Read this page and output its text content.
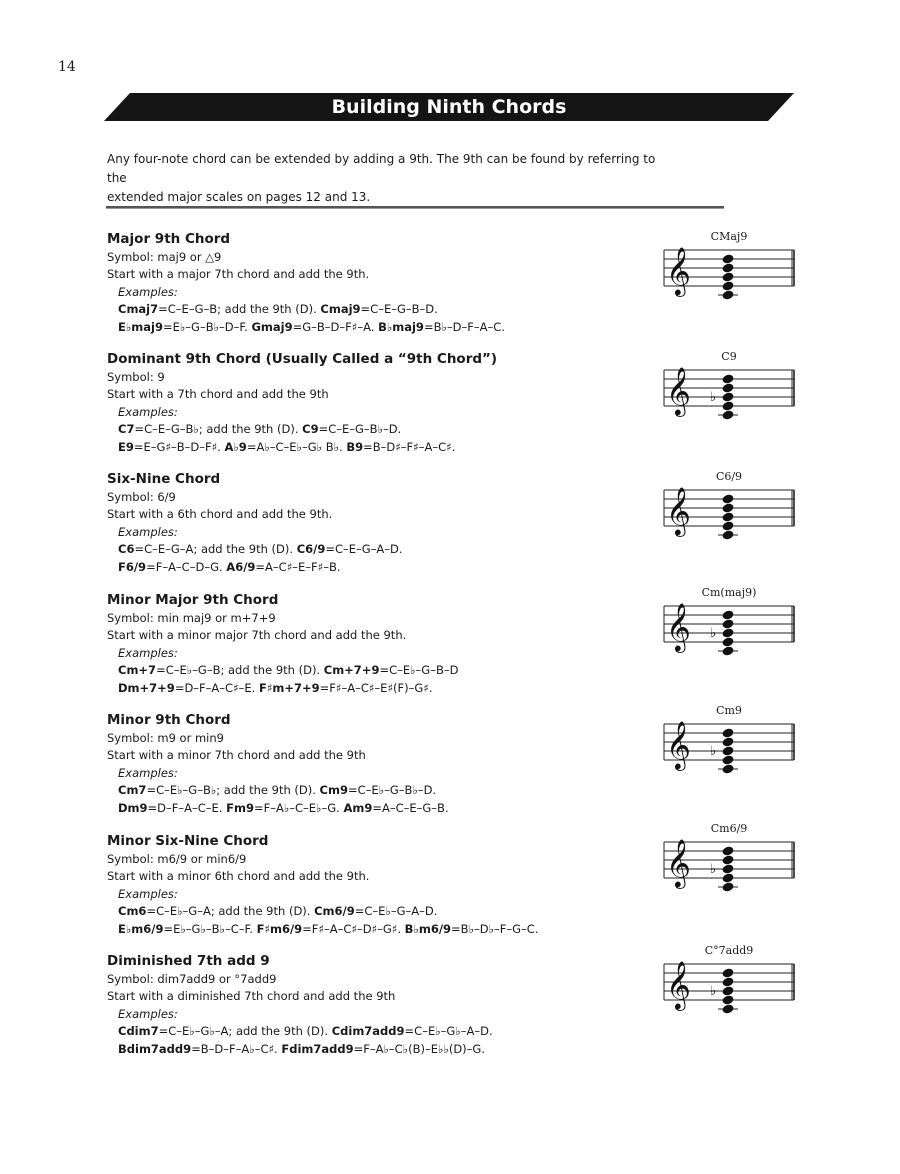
14
Building Ninth Chords
Any four-note chord can be extended by adding a 9th. The 9th can be found by referring to the
extended major scales on pages 12 and 13.
Major 9th Chord
Symbol: maj9 or △9
Start with a major 7th chord and add the 9th.
Examples:
Cmaj7=C–E–G–B; add the 9th (D). Cmaj9=C–E–G–B–D.
E♭maj9=E♭–G–B♭–D–F. Gmaj9=G–B–D–F♯–A. B♭maj9=B♭–D–F–A–C.
CMaj9
𝄞
Dominant 9th Chord (Usually Called a “9th Chord”)
Symbol: 9
Start with a 7th chord and add the 9th
Examples:
C7=C–E–G–B♭; add the 9th (D). C9=C–E–G–B♭–D.
E9=E–G♯–B–D–F♯. A♭9=A♭–C–E♭–G♭ B♭. B9=B–D♯–F♯–A–C♯.
C9
𝄞 ♭
Six-Nine Chord
Symbol: 6/9
Start with a 6th chord and add the 9th.
Examples:
C6=C–E–G–A; add the 9th (D). C6/9=C–E–G–A–D.
F6/9=F–A–C–D–G. A6/9=A–C♯–E–F♯–B.
C6/9
𝄞
Minor Major 9th Chord
Symbol: min maj9 or m+7+9
Start with a minor major 7th chord and add the 9th.
Examples:
Cm+7=C–E♭–G–B; add the 9th (D). Cm+7+9=C–E♭–G–B–D
Dm+7+9=D–F–A–C♯–E. F♯m+7+9=F♯–A–C♯–E♯(F)–G♯.
Cm(maj9)
𝄞 ♭
Minor 9th Chord
Symbol: m9 or min9
Start with a minor 7th chord and add the 9th
Examples:
Cm7=C–E♭–G–B♭; add the 9th (D). Cm9=C–E♭–G–B♭–D.
Dm9=D–F–A–C–E. Fm9=F–A♭–C–E♭–G. Am9=A–C–E–G–B.
Cm9
𝄞 ♭
Minor Six-Nine Chord
Symbol: m6/9 or min6/9
Start with a minor 6th chord and add the 9th.
Examples:
Cm6=C–E♭–G–A; add the 9th (D). Cm6/9=C–E♭–G–A–D.
E♭m6/9=E♭–G♭–B♭–C–F. F♯m6/9=F♯–A–C♯–D♯–G♯. B♭m6/9=B♭–D♭–F–G–C.
Cm6/9
𝄞 ♭
Diminished 7th add 9
Symbol: dim7add9 or °7add9
Start with a diminished 7th chord and add the 9th
Examples:
Cdim7=C–E♭–G♭–A; add the 9th (D). Cdim7add9=C–E♭–G♭–A–D.
Bdim7add9=B–D–F–A♭–C♯. Fdim7add9=F–A♭–C♭(B)–E♭♭(D)–G.
C°7add9
𝄞 ♭
